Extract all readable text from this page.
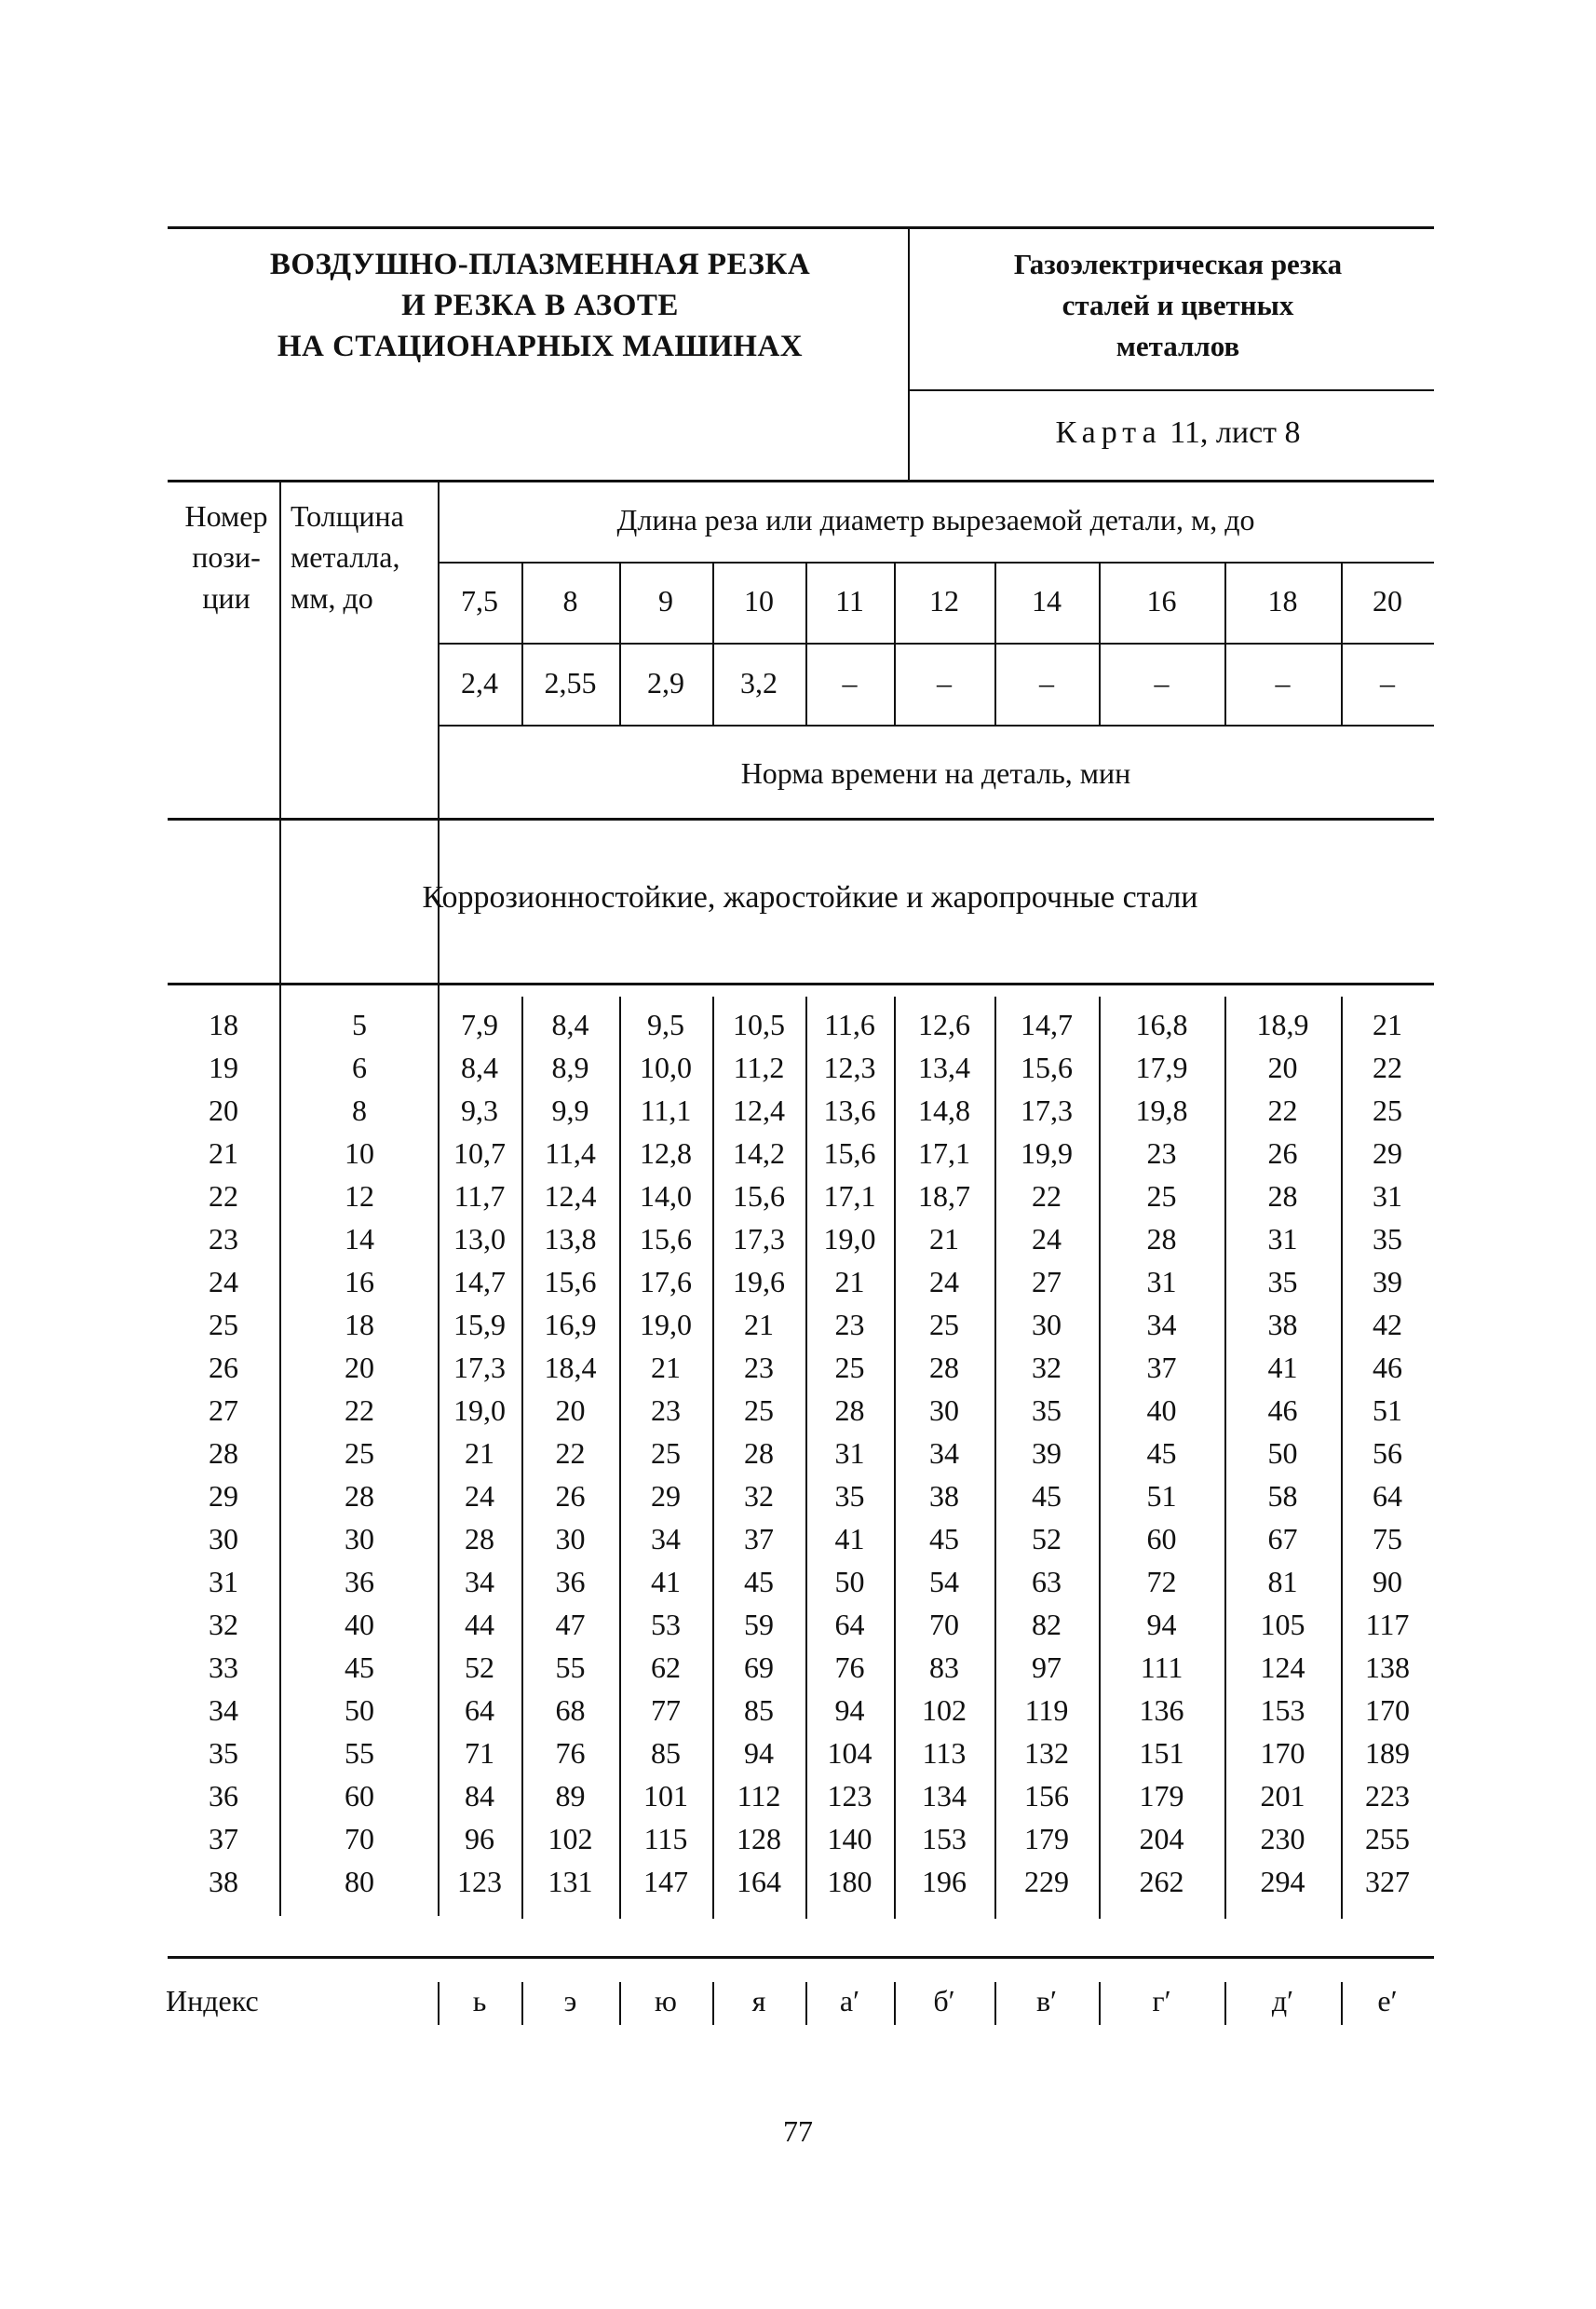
ВОЗДУШНО-ПЛАЗМЕННАЯ РЕЗКА
И РЕЗКА В АЗОТЕ
НА СТАЦИОНАРНЫХ МАШИНАХ
Газоэлектрическая резка
сталей и цветных
металлов
Карта 11, лист 8
Номер
пози-
ции
Толщина
металла,
мм, до
Длина реза или диаметр вырезаемой детали, м, до
7,5	8	9	10	11	12	14	16	18	20
2,4	2,55	2,9	3,2	–	–	–	–	–	–
Норма времени на деталь, мин
Коррозионностойкие, жаростойкие и жаропрочные стали
18	5	7,9	8,4	9,5	10,5	11,6	12,6	14,7	16,8	18,9	21
19	6	8,4	8,9	10,0	11,2	12,3	13,4	15,6	17,9	20	22
20	8	9,3	9,9	11,1	12,4	13,6	14,8	17,3	19,8	22	25
21	10	10,7	11,4	12,8	14,2	15,6	17,1	19,9	23	26	29
22	12	11,7	12,4	14,0	15,6	17,1	18,7	22	25	28	31
23	14	13,0	13,8	15,6	17,3	19,0	21	24	28	31	35
24	16	14,7	15,6	17,6	19,6	21	24	27	31	35	39
25	18	15,9	16,9	19,0	21	23	25	30	34	38	42
26	20	17,3	18,4	21	23	25	28	32	37	41	46
27	22	19,0	20	23	25	28	30	35	40	46	51
28	25	21	22	25	28	31	34	39	45	50	56
29	28	24	26	29	32	35	38	45	51	58	64
30	30	28	30	34	37	41	45	52	60	67	75
31	36	34	36	41	45	50	54	63	72	81	90
32	40	44	47	53	59	64	70	82	94	105	117
33	45	52	55	62	69	76	83	97	111	124	138
34	50	64	68	77	85	94	102	119	136	153	170
35	55	71	76	85	94	104	113	132	151	170	189
36	60	84	89	101	112	123	134	156	179	201	223
37	70	96	102	115	128	140	153	179	204	230	255
38	80	123	131	147	164	180	196	229	262	294	327
Индекс	ь	э	ю	я	а′	б′	в′	г′	д′	е′
77
